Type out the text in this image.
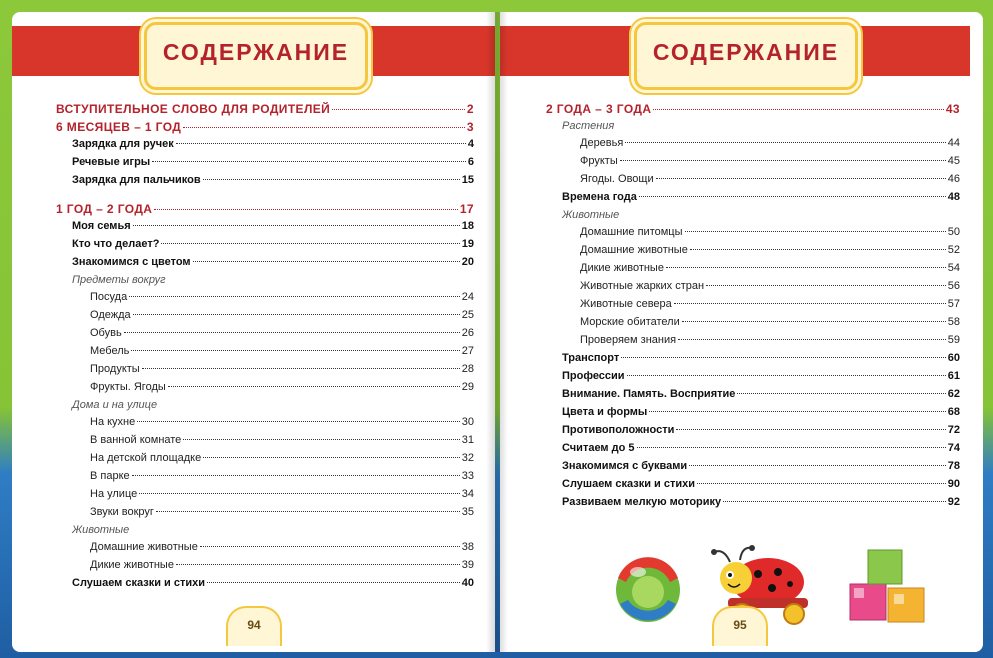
СОДЕРЖАНИЕ
ВСТУПИТЕЛЬНОЕ СЛОВО ДЛЯ РОДИТЕЛЕЙ	2
6 МЕСЯЦЕВ – 1 ГОД	3
Зарядка для ручек	4
Речевые игры	6
Зарядка для пальчиков	15
1 ГОД – 2 ГОДА	17
Моя семья	18
Кто что делает?	19
Знакомимся с цветом	20
Предметы вокруг
Посуда	24
Одежда	25
Обувь	26
Мебель	27
Продукты	28
Фрукты. Ягоды	29
Дома и на улице
На кухне	30
В ванной комнате	31
На детской площадке	32
В парке	33
На улице	34
Звуки вокруг	35
Животные
Домашние животные	38
Дикие животные	39
Слушаем сказки и стихи	40
94
СОДЕРЖАНИЕ
2 ГОДА – 3 ГОДА	43
Растения
Деревья	44
Фрукты	45
Ягоды. Овощи	46
Времена года	48
Животные
Домашние питомцы	50
Домашние животные	52
Дикие животные	54
Животные жарких стран	56
Животные севера	57
Морские обитатели	58
Проверяем знания	59
Транспорт	60
Профессии	61
Внимание. Память. Восприятие	62
Цвета и формы	68
Противоположности	72
Считаем до 5	74
Знакомимся с буквами	78
Слушаем сказки и стихи	90
Развиваем мелкую моторику	92
95
